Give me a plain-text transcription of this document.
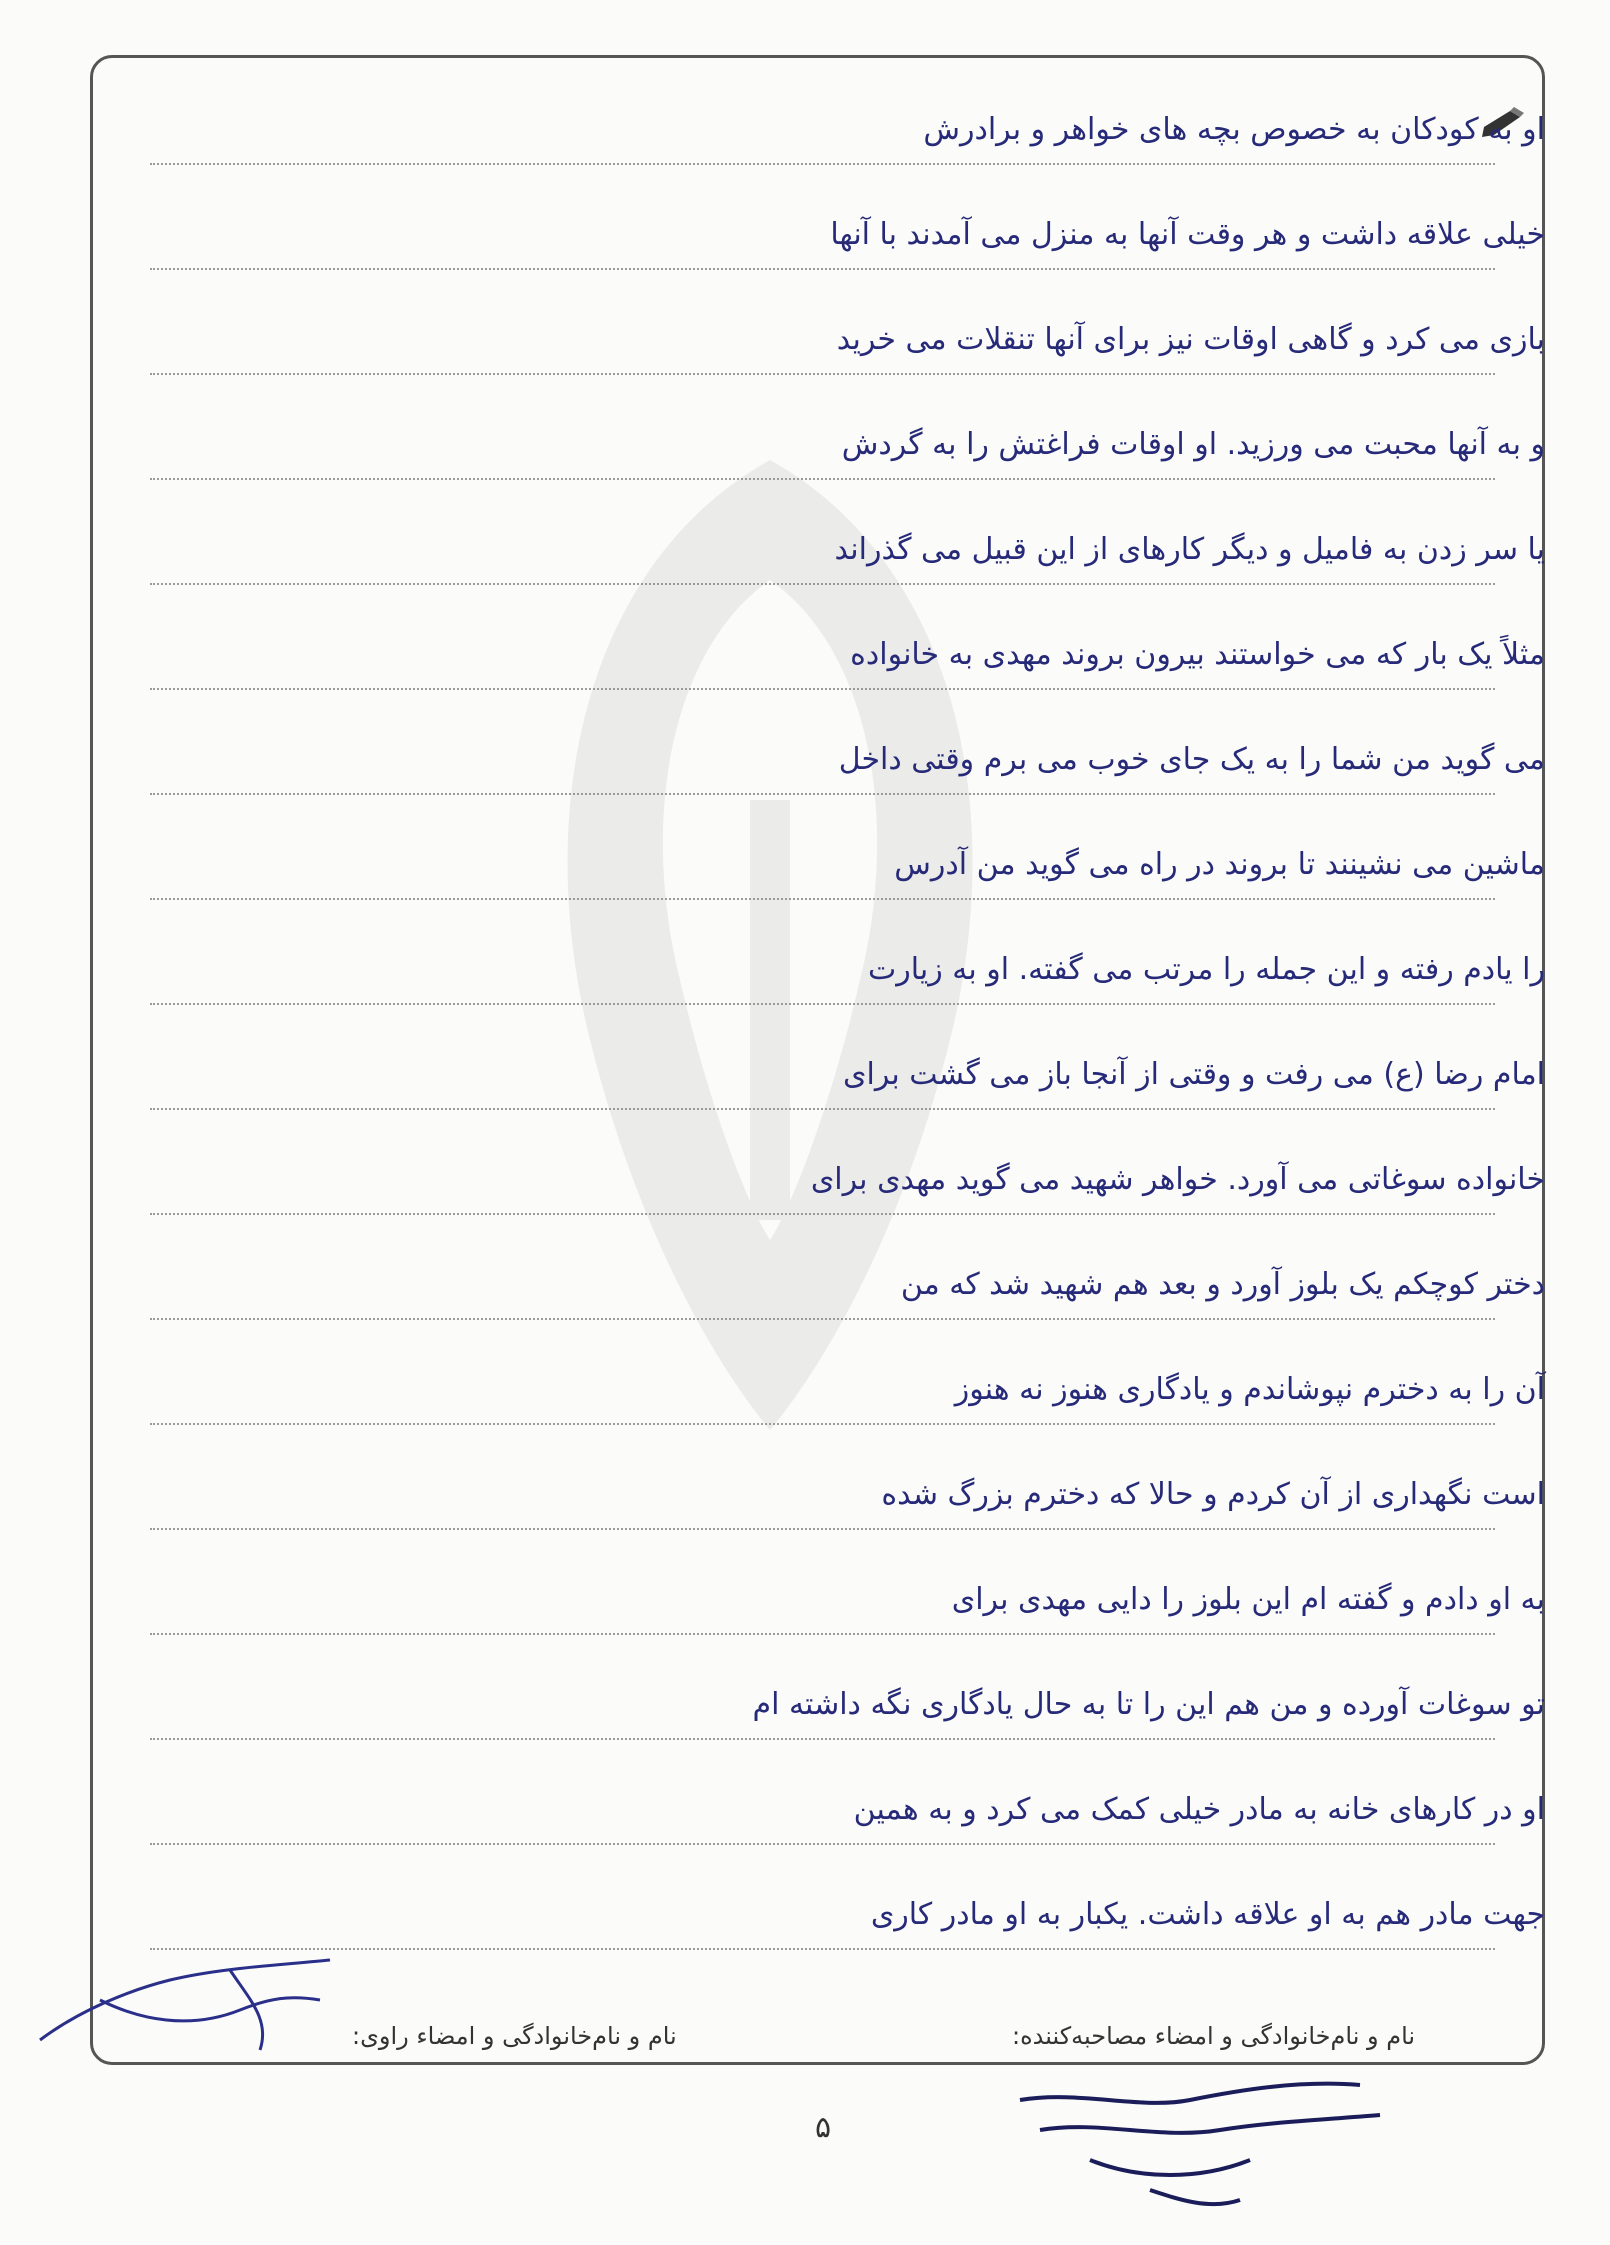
او به کودکان به خصوص بچه های خواهر و برادرش
خیلی علاقه داشت و هر وقت آنها به منزل می آمدند با آنها
بازی می کرد و گاهی اوقات نیز برای آنها تنقلات می خرید
و به آنها محبت می ورزید. او اوقات فراغتش را به گردش
یا سر زدن به فامیل و دیگر کارهای از این قبیل می گذراند
مثلاً یک بار که می خواستند بیرون بروند مهدی به خانواده
می گوید من شما را به یک جای خوب می برم وقتی داخل
ماشین می نشینند تا بروند در راه می گوید من آدرس
را یادم رفته و این جمله را مرتب می گفته. او به زیارت
امام رضا (ع) می رفت و وقتی از آنجا باز می گشت برای
خانواده سوغاتی می آورد. خواهر شهید می گوید مهدی برای
دختر کوچکم یک بلوز آورد و بعد هم شهید شد که من
آن را به دخترم نپوشاندم و یادگاری هنوز نه هنوز
است نگهداری از آن کردم و حالا که دخترم بزرگ شده
به او دادم و گفته ام این بلوز را دایی مهدی برای
تو سوغات آورده و من هم این را تا به حال یادگاری نگه داشته ام
او در کارهای خانه به مادر خیلی کمک می کرد و به همین
جهت مادر هم به او علاقه داشت. یکبار به او مادر کاری
نام و نام‌خانوادگی و امضاء مصاحبه‌کننده:
نام و نام‌خانوادگی و امضاء راوی:
۵
